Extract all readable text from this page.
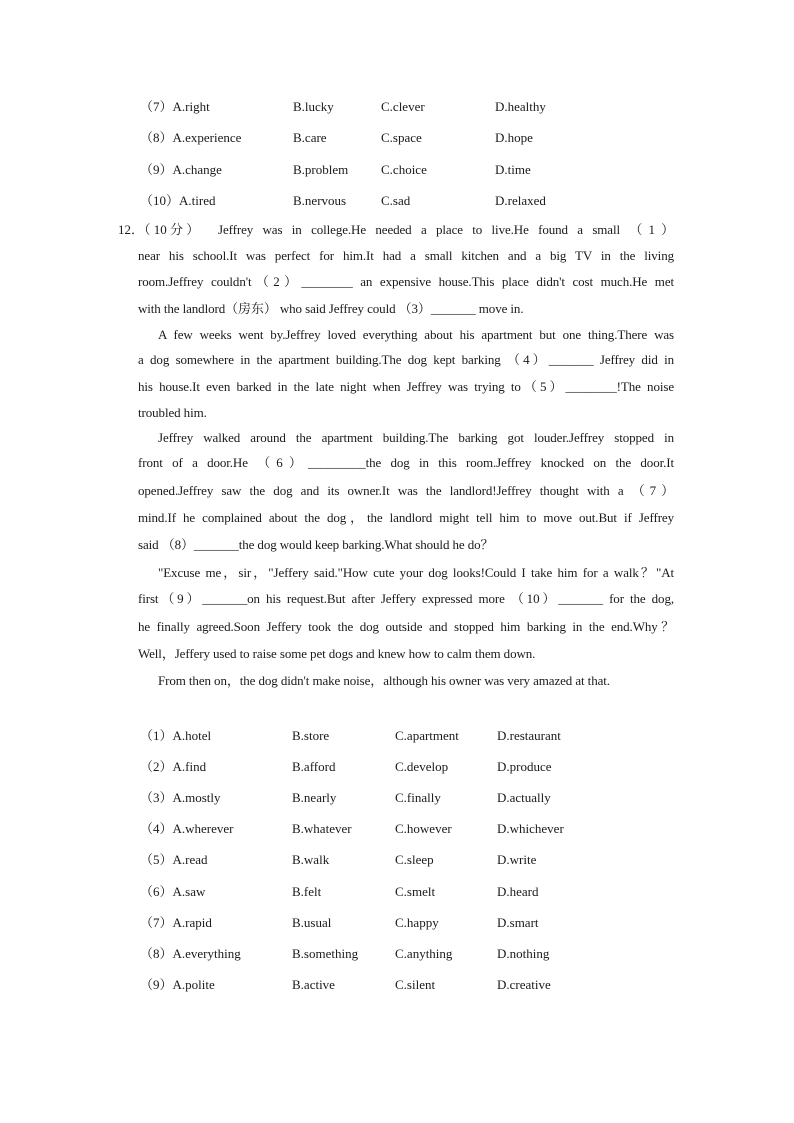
（7）A.right	B.lucky	C.clever	D.healthy
（8）A.experience	B.care	C.space	D.hope
（9）A.change	B.problem	C.choice	D.time
（10）A.tired	B.nervous	C.sad	D.relaxed
12．（ 10 分 ） Jeffrey was in college.He needed a place to live.He found a small （1）
near his school.It was perfect for him.It had a small kitchen and a big TV in the living
room.Jeffrey couldn't（2）________ an expensive house.This place didn't cost much.He met
with the landlord（房东） who said Jeffrey could （3）_______ move in.
A few weeks went by.Jeffrey loved everything about his apartment but one thing.There was
a dog somewhere in the apartment building.The dog kept barking （4）_______ Jeffrey did in
his house.It even barked in the late night when Jeffrey was trying to（5）________!The noise
troubled him.
Jeffrey walked around the apartment building.The barking got louder.Jeffrey stopped in
front of a door.He （6）_________the dog in this room.Jeffrey knocked on the door.It
opened.Jeffrey saw the dog and its owner.It was the landlord!Jeffrey thought with a （7）
mind.If he complained about the dog，the landlord might tell him to move out.But if Jeffrey
said （8）_______the dog would keep barking.What should he do？
"Excuse me，sir，"Jeffery said."How cute your dog looks!Could I take him for a walk？"At
first（9）_______on his request.But after Jeffery expressed more （10）_______ for the dog,
he finally agreed.Soon Jeffery took the dog outside and stopped him barking in the end.Why？
Well，Jeffery used to raise some pet dogs and knew how to calm them down.
From then on，the dog didn't make noise，although his owner was very amazed at that.
（1）A.hotel	B.store	C.apartment	D.restaurant
（2）A.find	B.afford	C.develop	D.produce
（3）A.mostly	B.nearly	C.finally	D.actually
（4）A.wherever	B.whatever	C.however	D.whichever
（5）A.read	B.walk	C.sleep	D.write
（6）A.saw	B.felt	C.smelt	D.heard
（7）A.rapid	B.usual	C.happy	D.smart
（8）A.everything	B.something	C.anything	D.nothing
（9）A.polite	B.active	C.silent	D.creative
